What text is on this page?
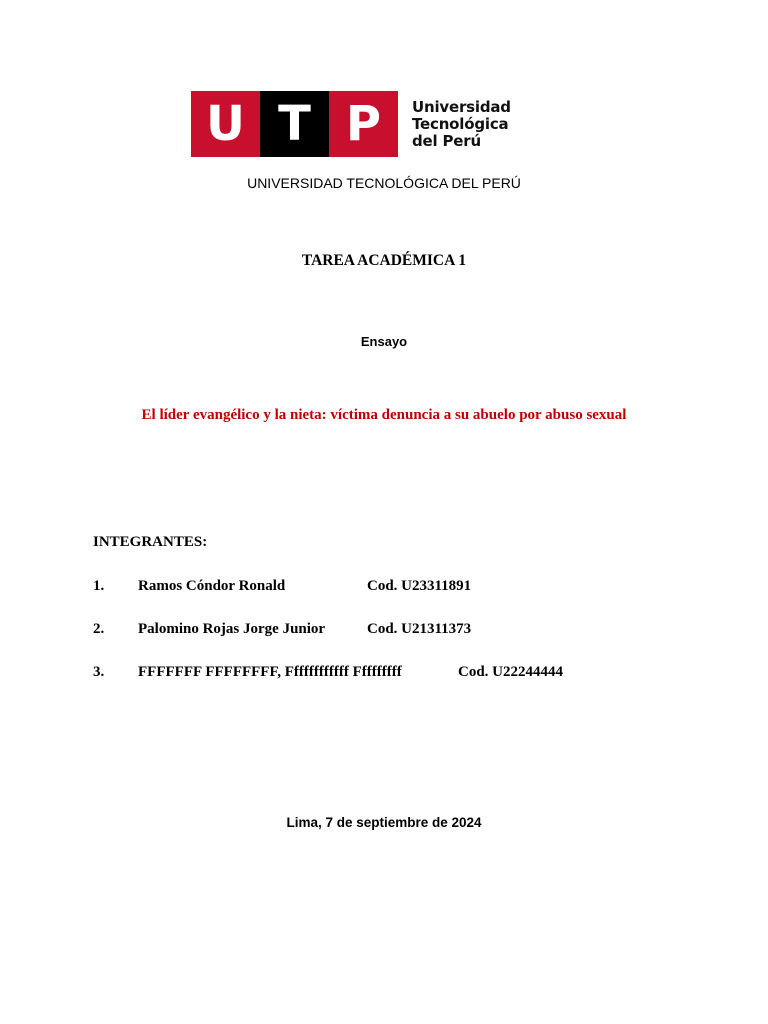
U T P	Universidad
Tecnológica
del Perú
UNIVERSIDAD TECNOLÓGICA DEL PERÚ
TAREA ACADÉMICA 1
Ensayo
El líder evangélico y la nieta: víctima denuncia a su abuelo por abuso sexual
INTEGRANTES:
1. Ramos Cóndor Ronald	Cod. U23311891
2. Palomino Rojas Jorge Junior	Cod. U21311373
3. FFFFFFF FFFFFFFF, Ffffffffffff Fffffffff	Cod. U22244444
Lima, 7 de septiembre de 2024
